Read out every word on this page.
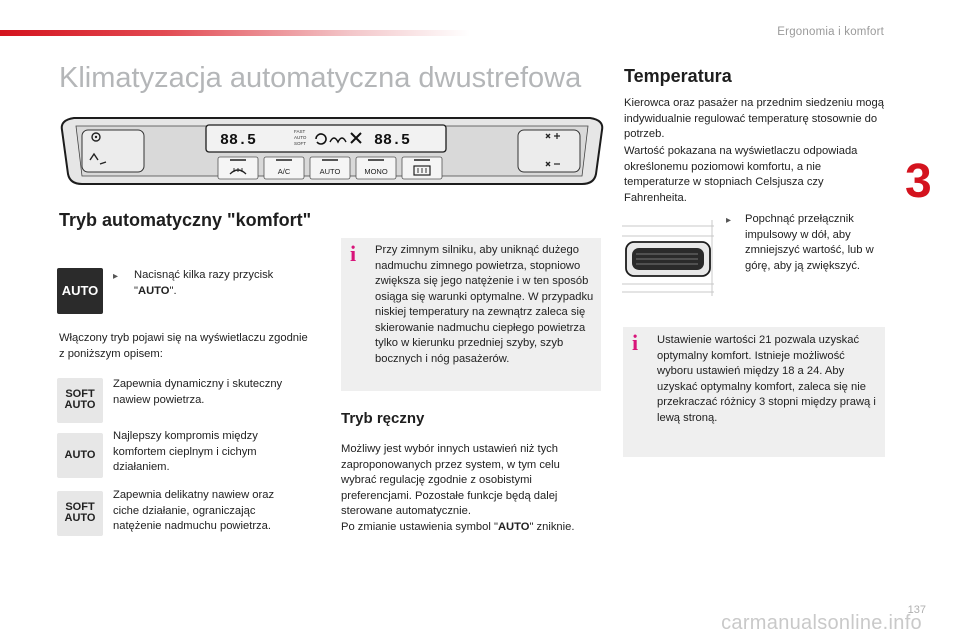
Ergonomia i komfort
3
Klimatyzacja automatyczna dwustrefowa
88.5
FAST
AUTO
SOFT	88.5
A/C	AUTO	MONO
Tryb automatyczny "komfort"
AUTO
▸ Nacisnąć kilka razy przycisk "AUTO".

Włączony tryb pojawi się na wyświetlaczu zgodnie z poniższym opisem:

SOFT
AUTO

Zapewnia dynamiczny i skuteczny nawiew powietrza.

AUTO

Najlepszy kompromis między komfortem cieplnym i cichym działaniem.

SOFT
AUTO

Zapewnia delikatny nawiew oraz ciche działanie, ograniczając natężenie nadmuchu powietrza.

i Przy zimnym silniku, aby uniknąć dużego nadmuchu zimnego powietrza, stopniowo zwiększa się jego natężenie i w ten sposób osiąga się warunki optymalne. W przypadku niskiej temperatury na zewnątrz zaleca się skierowanie nadmuchu ciepłego powietrza tylko w kierunku przedniej szyby, szyb bocznych i nóg pasażerów.

Tryb ręczny

Możliwy jest wybór innych ustawień niż tych zaproponowanych przez system, w tym celu wybrać regulację zgodnie z osobistymi preferencjami. Pozostałe funkcje będą dalej sterowane automatycznie.

Po zmianie ustawienia symbol "AUTO" zniknie.

Temperatura

Kierowca oraz pasażer na przednim siedzeniu mogą indywidualnie regulować temperaturę stosownie do potrzeb.

Wartość pokazana na wyświetlaczu odpowiada określonemu poziomowi komfortu, a nie temperaturze w stopniach Celsjusza czy Fahrenheita.

▸ Popchnąć przełącznik impulsowy w dół, aby zmniejszyć wartość, lub w górę, aby ją zwiększyć.

i Ustawienie wartości 21 pozwala uzyskać optymalny komfort. Istnieje możliwość wyboru ustawień między 18 a 24. Aby uzyskać optymalny komfort, zaleca się nie przekraczać różnicy 3 stopni między prawą i lewą stroną.

137
carmanualsonline.info
